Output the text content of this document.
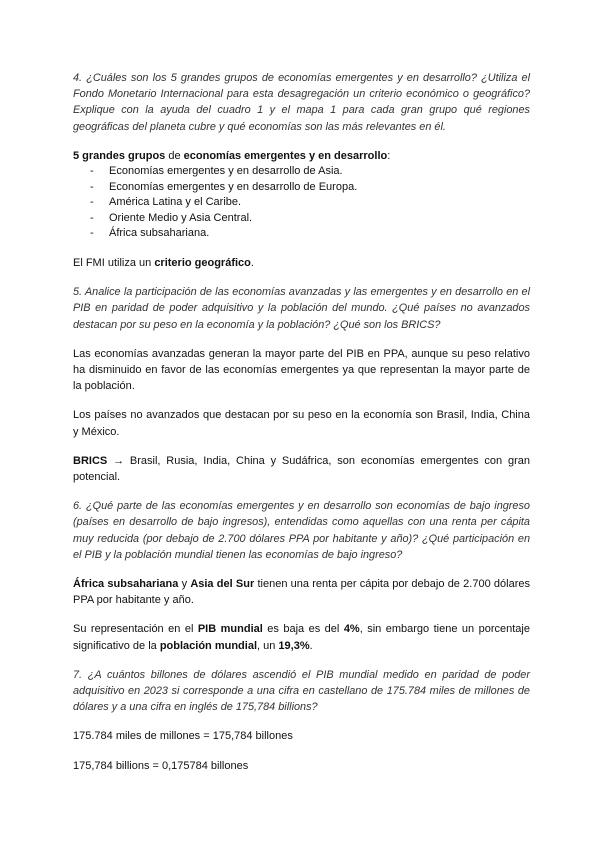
4. ¿Cuáles son los 5 grandes grupos de economías emergentes y en desarrollo? ¿Utiliza el Fondo Monetario Internacional para esta desagregación un criterio económico o geográfico? Explique con la ayuda del cuadro 1 y el mapa 1 para cada gran grupo qué regiones geográficas del planeta cubre y qué economías son las más relevantes en él.

5 grandes grupos de economías emergentes y en desarrollo:

- Economías emergentes y en desarrollo de Asia.
- Economías emergentes y en desarrollo de Europa.
- América Latina y el Caribe.
- Oriente Medio y Asia Central.
- África subsahariana.

El FMI utiliza un criterio geográfico.

5. Analice la participación de las economías avanzadas y las emergentes y en desarrollo en el PIB en paridad de poder adquisitivo y la población del mundo. ¿Qué países no avanzados destacan por su peso en la economía y la población? ¿Qué son los BRICS?

Las economías avanzadas generan la mayor parte del PIB en PPA, aunque su peso relativo ha disminuido en favor de las economías emergentes ya que representan la mayor parte de la población.

Los países no avanzados que destacan por su peso en la economía son Brasil, India, China y México.

BRICS → Brasil, Rusia, India, China y Sudáfrica, son economías emergentes con gran potencial.

6. ¿Qué parte de las economías emergentes y en desarrollo son economías de bajo ingreso (países en desarrollo de bajo ingresos), entendidas como aquellas con una renta per cápita muy reducida (por debajo de 2.700 dólares PPA por habitante y año)? ¿Qué participación en el PIB y la población mundial tienen las economías de bajo ingreso?

África subsahariana y Asia del Sur tienen una renta per cápita por debajo de 2.700 dólares PPA por habitante y año.

Su representación en el PIB mundial es baja es del 4%, sin embargo tiene un porcentaje significativo de la población mundial, un 19,3%.

7. ¿A cuántos billones de dólares ascendió el PIB mundial medido en paridad de poder adquisitivo en 2023 si corresponde a una cifra en castellano de 175.784 miles de millones de dólares y a una cifra en inglés de 175,784 billions?

175.784 miles de millones = 175,784 billones

175,784 billions = 0,175784 billones
